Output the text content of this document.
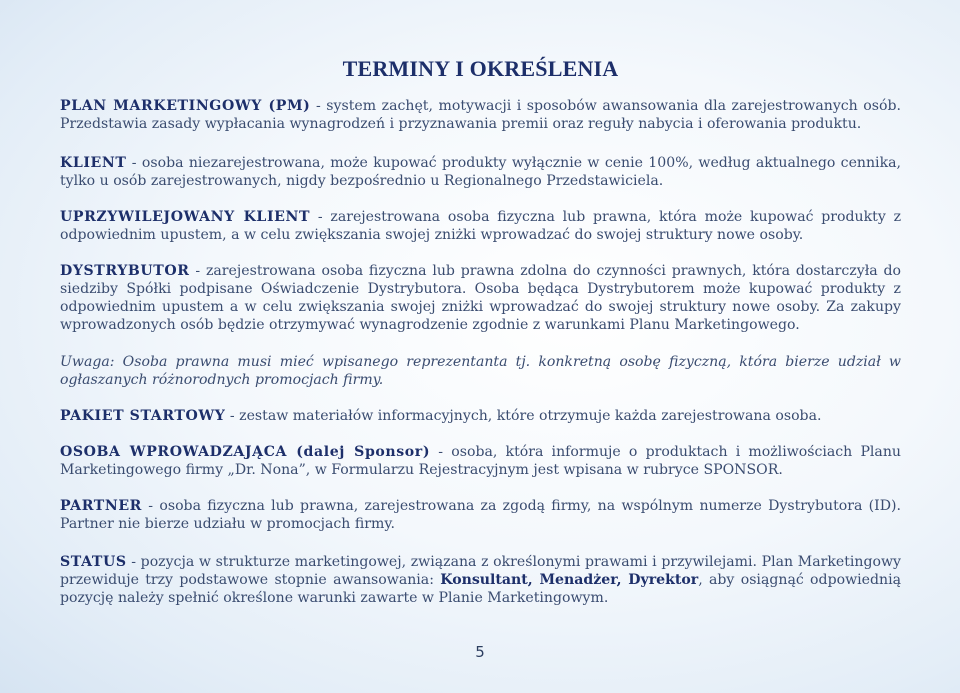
TERMINY I OKREŚLENIA

PLAN MARKETINGOWY (PM) - system zachęt, motywacji i sposobów awansowania dla zarejestrowanych osób. Przedstawia zasady wypłacania wynagrodzeń i przyznawania premii oraz reguły nabycia i oferowania produktu.

KLIENT - osoba niezarejestrowana, może kupować produkty wyłącznie w cenie 100%, według aktualnego cennika, tylko u osób zarejestrowanych, nigdy bezpośrednio u Regionalnego Przedstawiciela.

UPRZYWILEJOWANY KLIENT - zarejestrowana osoba fizyczna lub prawna, która może kupować produkty z odpowiednim upustem, a w celu zwiększania swojej zniżki wprowadzać do swojej struktury nowe osoby.

DYSTRYBUTOR - zarejestrowana osoba fizyczna lub prawna zdolna do czynności prawnych, która dostarczyła do siedziby Spółki podpisane Oświadczenie Dystrybutora. Osoba będąca Dystrybutorem może kupować produkty z odpowiednim upustem a w celu zwiększania swojej zniżki wprowadzać do swojej struktury nowe osoby. Za zakupy wprowadzonych osób będzie otrzymywać wynagrodzenie zgodnie z warunkami Planu Marketingowego.

Uwaga: Osoba prawna musi mieć wpisanego reprezentanta tj. konkretną osobę fizyczną, która bierze udział w ogłaszanych różnorodnych promocjach firmy.

PAKIET STARTOWY - zestaw materiałów informacyjnych, które otrzymuje każda zarejestrowana osoba.

OSOBA WPROWADZAJĄCA (dalej Sponsor) - osoba, która informuje o produktach i możliwościach Planu Marketingowego firmy „Dr. Nona”, w Formularzu Rejestracyjnym jest wpisana w rubryce SPONSOR.

PARTNER - osoba fizyczna lub prawna, zarejestrowana za zgodą firmy, na wspólnym numerze Dystrybutora (ID). Partner nie bierze udziału w promocjach firmy.

STATUS - pozycja w strukturze marketingowej, związana z określonymi prawami i przywilejami. Plan Marketingowy przewiduje trzy podstawowe stopnie awansowania: Konsultant, Menadżer, Dyrektor, aby osiągnąć odpowiednią pozycję należy spełnić określone warunki zawarte w Planie Marketingowym.

5
